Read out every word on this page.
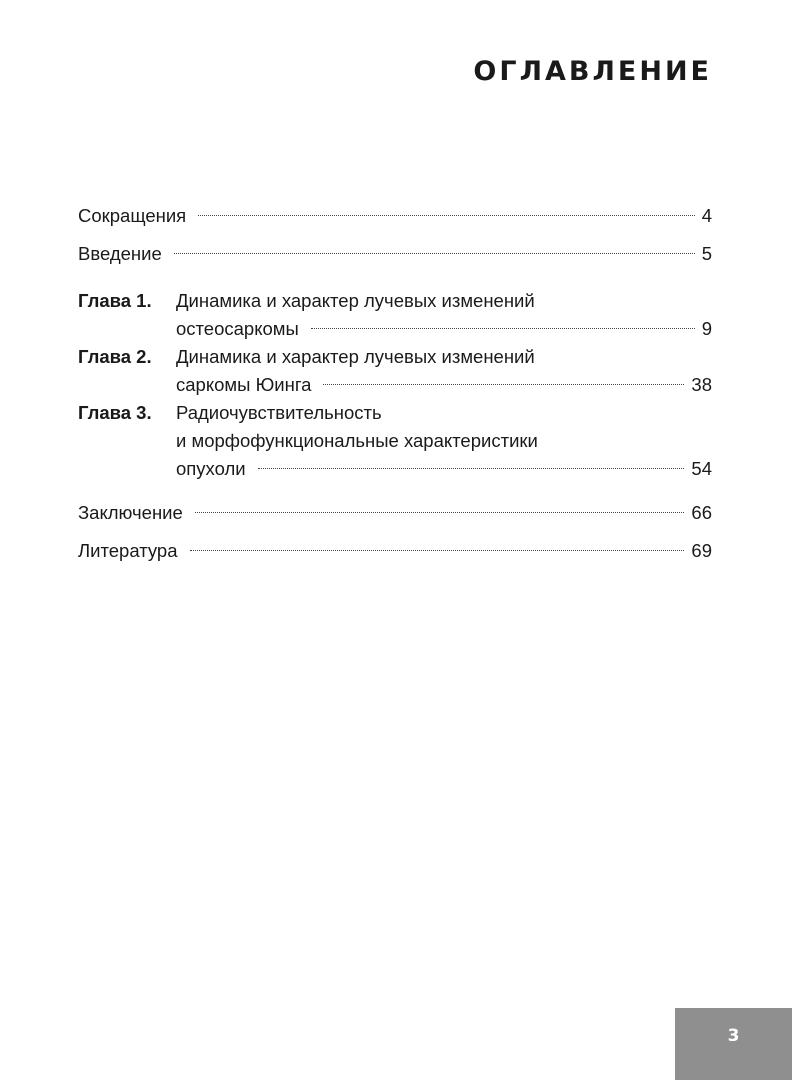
ОГЛАВЛЕНИЕ
Сокращения	4
Введение	5
Глава 1.	Динамика и характер лучевых изменений
остеосаркомы	9
Глава 2.	Динамика и характер лучевых изменений
саркомы Юинга	38
Глава 3.	Радиочувствительность
и морфофункциональные характеристики
опухоли	54
Заключение	66
Литература	69
3
